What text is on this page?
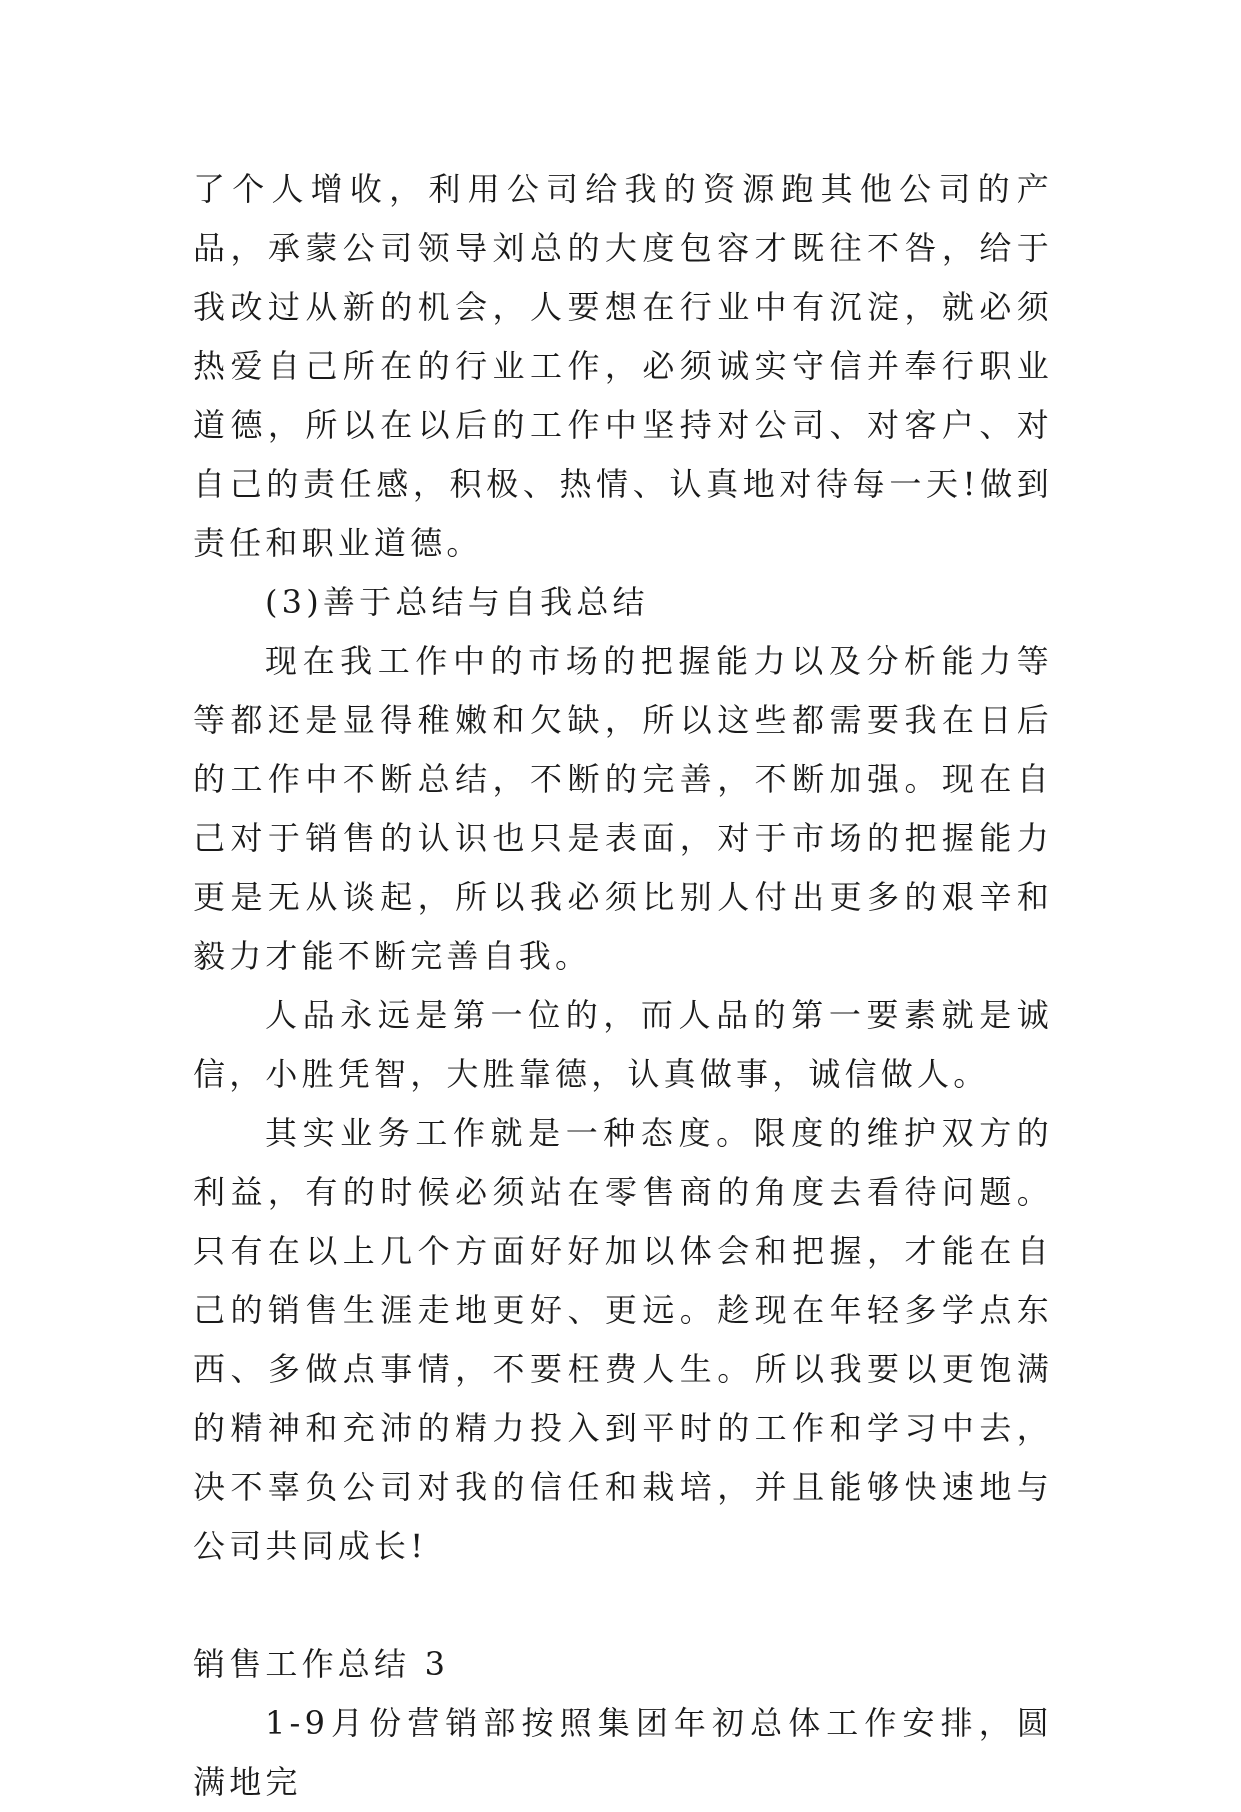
了个人增收，利用公司给我的资源跑其他公司的产品，承蒙公司领导刘总的大度包容才既往不咎，给于我改过从新的机会，人要想在行业中有沉淀，就必须热爱自己所在的行业工作，必须诚实守信并奉行职业道德，所以在以后的工作中坚持对公司、对客户、对自己的责任感，积极、热情、认真地对待每一天!做到责任和职业道德。

(3)善于总结与自我总结

现在我工作中的市场的把握能力以及分析能力等等都还是显得稚嫩和欠缺，所以这些都需要我在日后的工作中不断总结，不断的完善，不断加强。现在自己对于销售的认识也只是表面，对于市场的把握能力更是无从谈起，所以我必须比别人付出更多的艰辛和毅力才能不断完善自我。

人品永远是第一位的，而人品的第一要素就是诚信，小胜凭智，大胜靠德，认真做事，诚信做人。

其实业务工作就是一种态度。限度的维护双方的利益，有的时候必须站在零售商的角度去看待问题。只有在以上几个方面好好加以体会和把握，才能在自己的销售生涯走地更好、更远。趁现在年轻多学点东西、多做点事情，不要枉费人生。所以我要以更饱满的精神和充沛的精力投入到平时的工作和学习中去，决不辜负公司对我的信任和栽培，并且能够快速地与公司共同成长!

销售工作总结 3

1-9月份营销部按照集团年初总体工作安排，圆满地完
